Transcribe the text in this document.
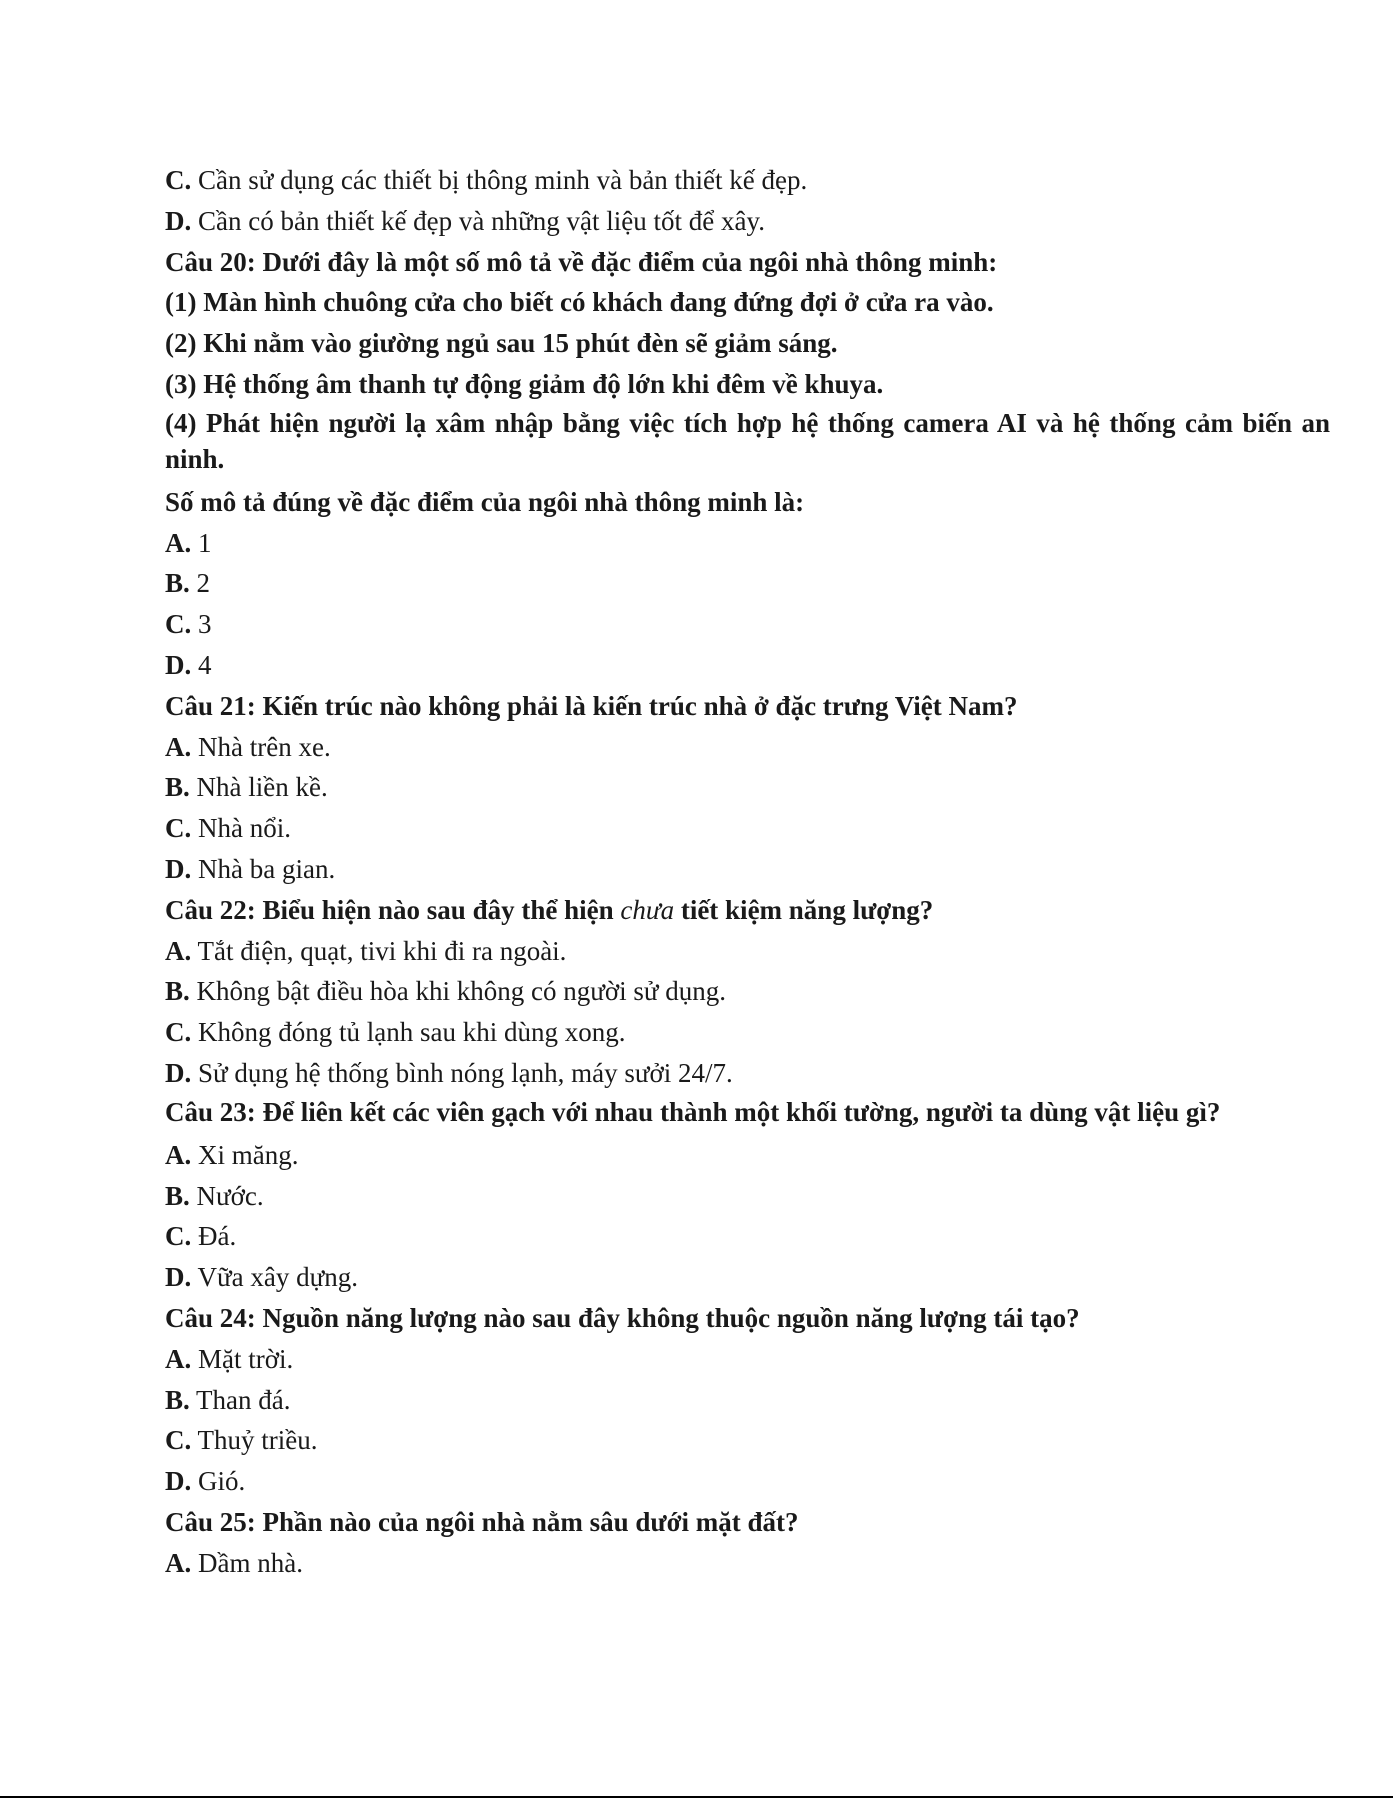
C. Cần sử dụng các thiết bị thông minh và bản thiết kế đẹp.
D. Cần có bản thiết kế đẹp và những vật liệu tốt để xây.
Câu 20: Dưới đây là một số mô tả về đặc điểm của ngôi nhà thông minh:
(1) Màn hình chuông cửa cho biết có khách đang đứng đợi ở cửa ra vào.
(2) Khi nằm vào giường ngủ sau 15 phút đèn sẽ giảm sáng.
(3) Hệ thống âm thanh tự động giảm độ lớn khi đêm về khuya.
(4) Phát hiện người lạ xâm nhập bằng việc tích hợp hệ thống camera AI và hệ thống cảm biến an ninh.
Số mô tả đúng về đặc điểm của ngôi nhà thông minh là:
A. 1
B. 2
C. 3
D. 4
Câu 21: Kiến trúc nào không phải là kiến trúc nhà ở đặc trưng Việt Nam?
A. Nhà trên xe.
B. Nhà liền kề.
C. Nhà nổi.
D. Nhà ba gian.
Câu 22: Biểu hiện nào sau đây thể hiện chưa tiết kiệm năng lượng?
A. Tắt điện, quạt, tivi khi đi ra ngoài.
B. Không bật điều hòa khi không có người sử dụng.
C. Không đóng tủ lạnh sau khi dùng xong.
D. Sử dụng hệ thống bình nóng lạnh, máy sưởi 24/7.
Câu 23: Để liên kết các viên gạch với nhau thành một khối tường, người ta dùng vật liệu gì?
A. Xi măng.
B. Nước.
C. Đá.
D. Vữa xây dựng.
Câu 24: Nguồn năng lượng nào sau đây không thuộc nguồn năng lượng tái tạo?
A. Mặt trời.
B. Than đá.
C. Thuỷ triều.
D. Gió.
Câu 25: Phần nào của ngôi nhà nằm sâu dưới mặt đất?
A. Dầm nhà.
